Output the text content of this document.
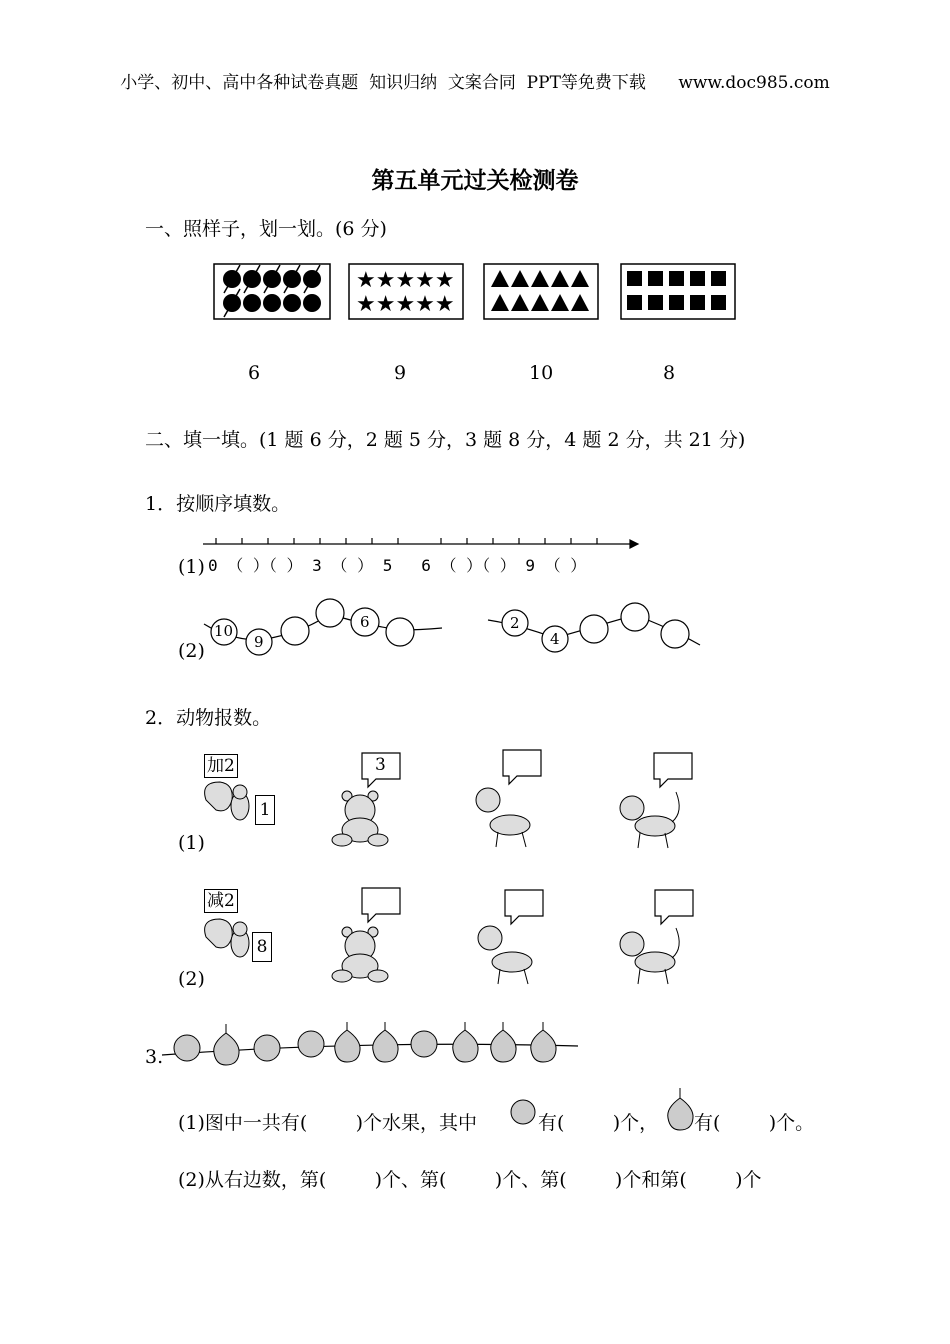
小学、初中、高中各种试卷真题  知识归纳  文案合同  PPT等免费下载      www.doc985.com
第五单元过关检测卷
一、照样子，划一划。(6 分)
★★★★★
★★★★★
6	9	10	8
二、填一填。(1 题 6 分，2 题 5 分，3 题 8 分，4 题 2 分，共 21 分)
1．按顺序填数。
(1) 0 （ ）（ ） 3 （ ） 5   6 （ ）（ ） 9 （ ）
(2)
10
9
6	2
4
2．动物报数。
加2
1
3
(1)
减2
8
(2)
3.
(1)图中一共有(        )个水果，其中	有(        )个， 有(        )个。
(2)从右边数，第(        )个、第(        )个、第(        )个和第(        )个
